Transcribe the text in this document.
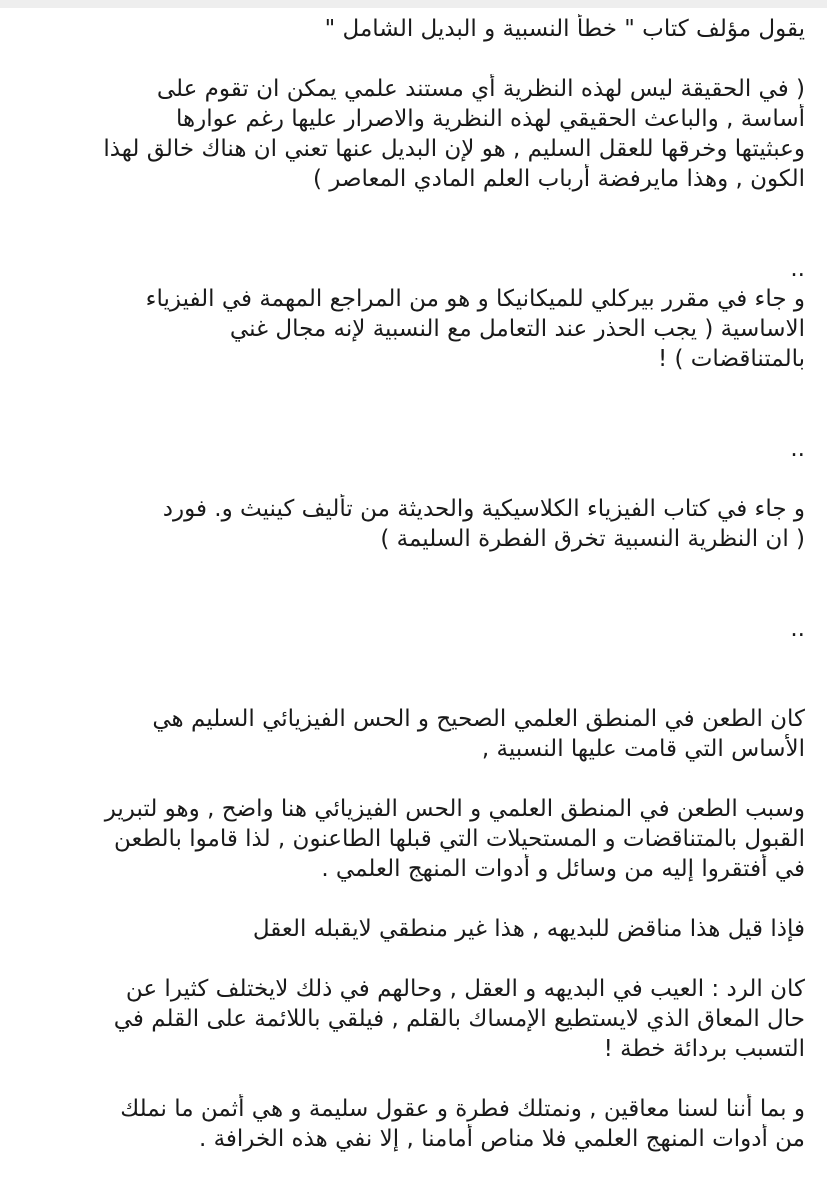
يقول مؤلف كتاب " خطأ النسبية و البديل الشامل "
( في الحقيقة ليس لهذه النظرية أي مستند علمي يمكن ان تقوم على
أساسة , والباعث الحقيقي لهذه النظرية والاصرار عليها رغم عوارها
وعبثيتها وخرقها للعقل السليم , هو لإن البديل عنها تعني ان هناك خالق لهذا
الكون , وهذا مايرفضة أرباب العلم المادي المعاصر )
..
و جاء في مقرر بيركلي للميكانيكا و هو من المراجع المهمة في الفيزياء
الاساسية ( يجب الحذر عند التعامل مع النسبية لإنه مجال غني
بالمتناقضات ) !
..
و جاء في كتاب الفيزياء الكلاسيكية والحديثة من تأليف كينيث و. فورد
( ان النظرية النسبية تخرق الفطرة السليمة )
..
كان الطعن في المنطق العلمي الصحيح و الحس الفيزيائي السليم هي
الأساس التي قامت عليها النسبية ,
وسبب الطعن في المنطق العلمي و الحس الفيزيائي هنا واضح , وهو لتبرير
القبول بالمتناقضات و المستحيلات التي قبلها الطاعنون , لذا قاموا بالطعن
في أفتقروا إليه من وسائل و أدوات المنهج العلمي .
فإذا قيل هذا مناقض للبديهه , هذا غير منطقي لايقبله العقل
كان الرد : العيب في البديهه و العقل , وحالهم في ذلك لايختلف كثيرا عن
حال المعاق الذي لايستطيع الإمساك بالقلم , فيلقي باللائمة على القلم في
التسبب بردائة خطة !
و بما أننا لسنا معاقين , ونمتلك فطرة و عقول سليمة و هي أثمن ما نملك
من أدوات المنهج العلمي فلا مناص أمامنا , إلا نفي هذه الخرافة .
